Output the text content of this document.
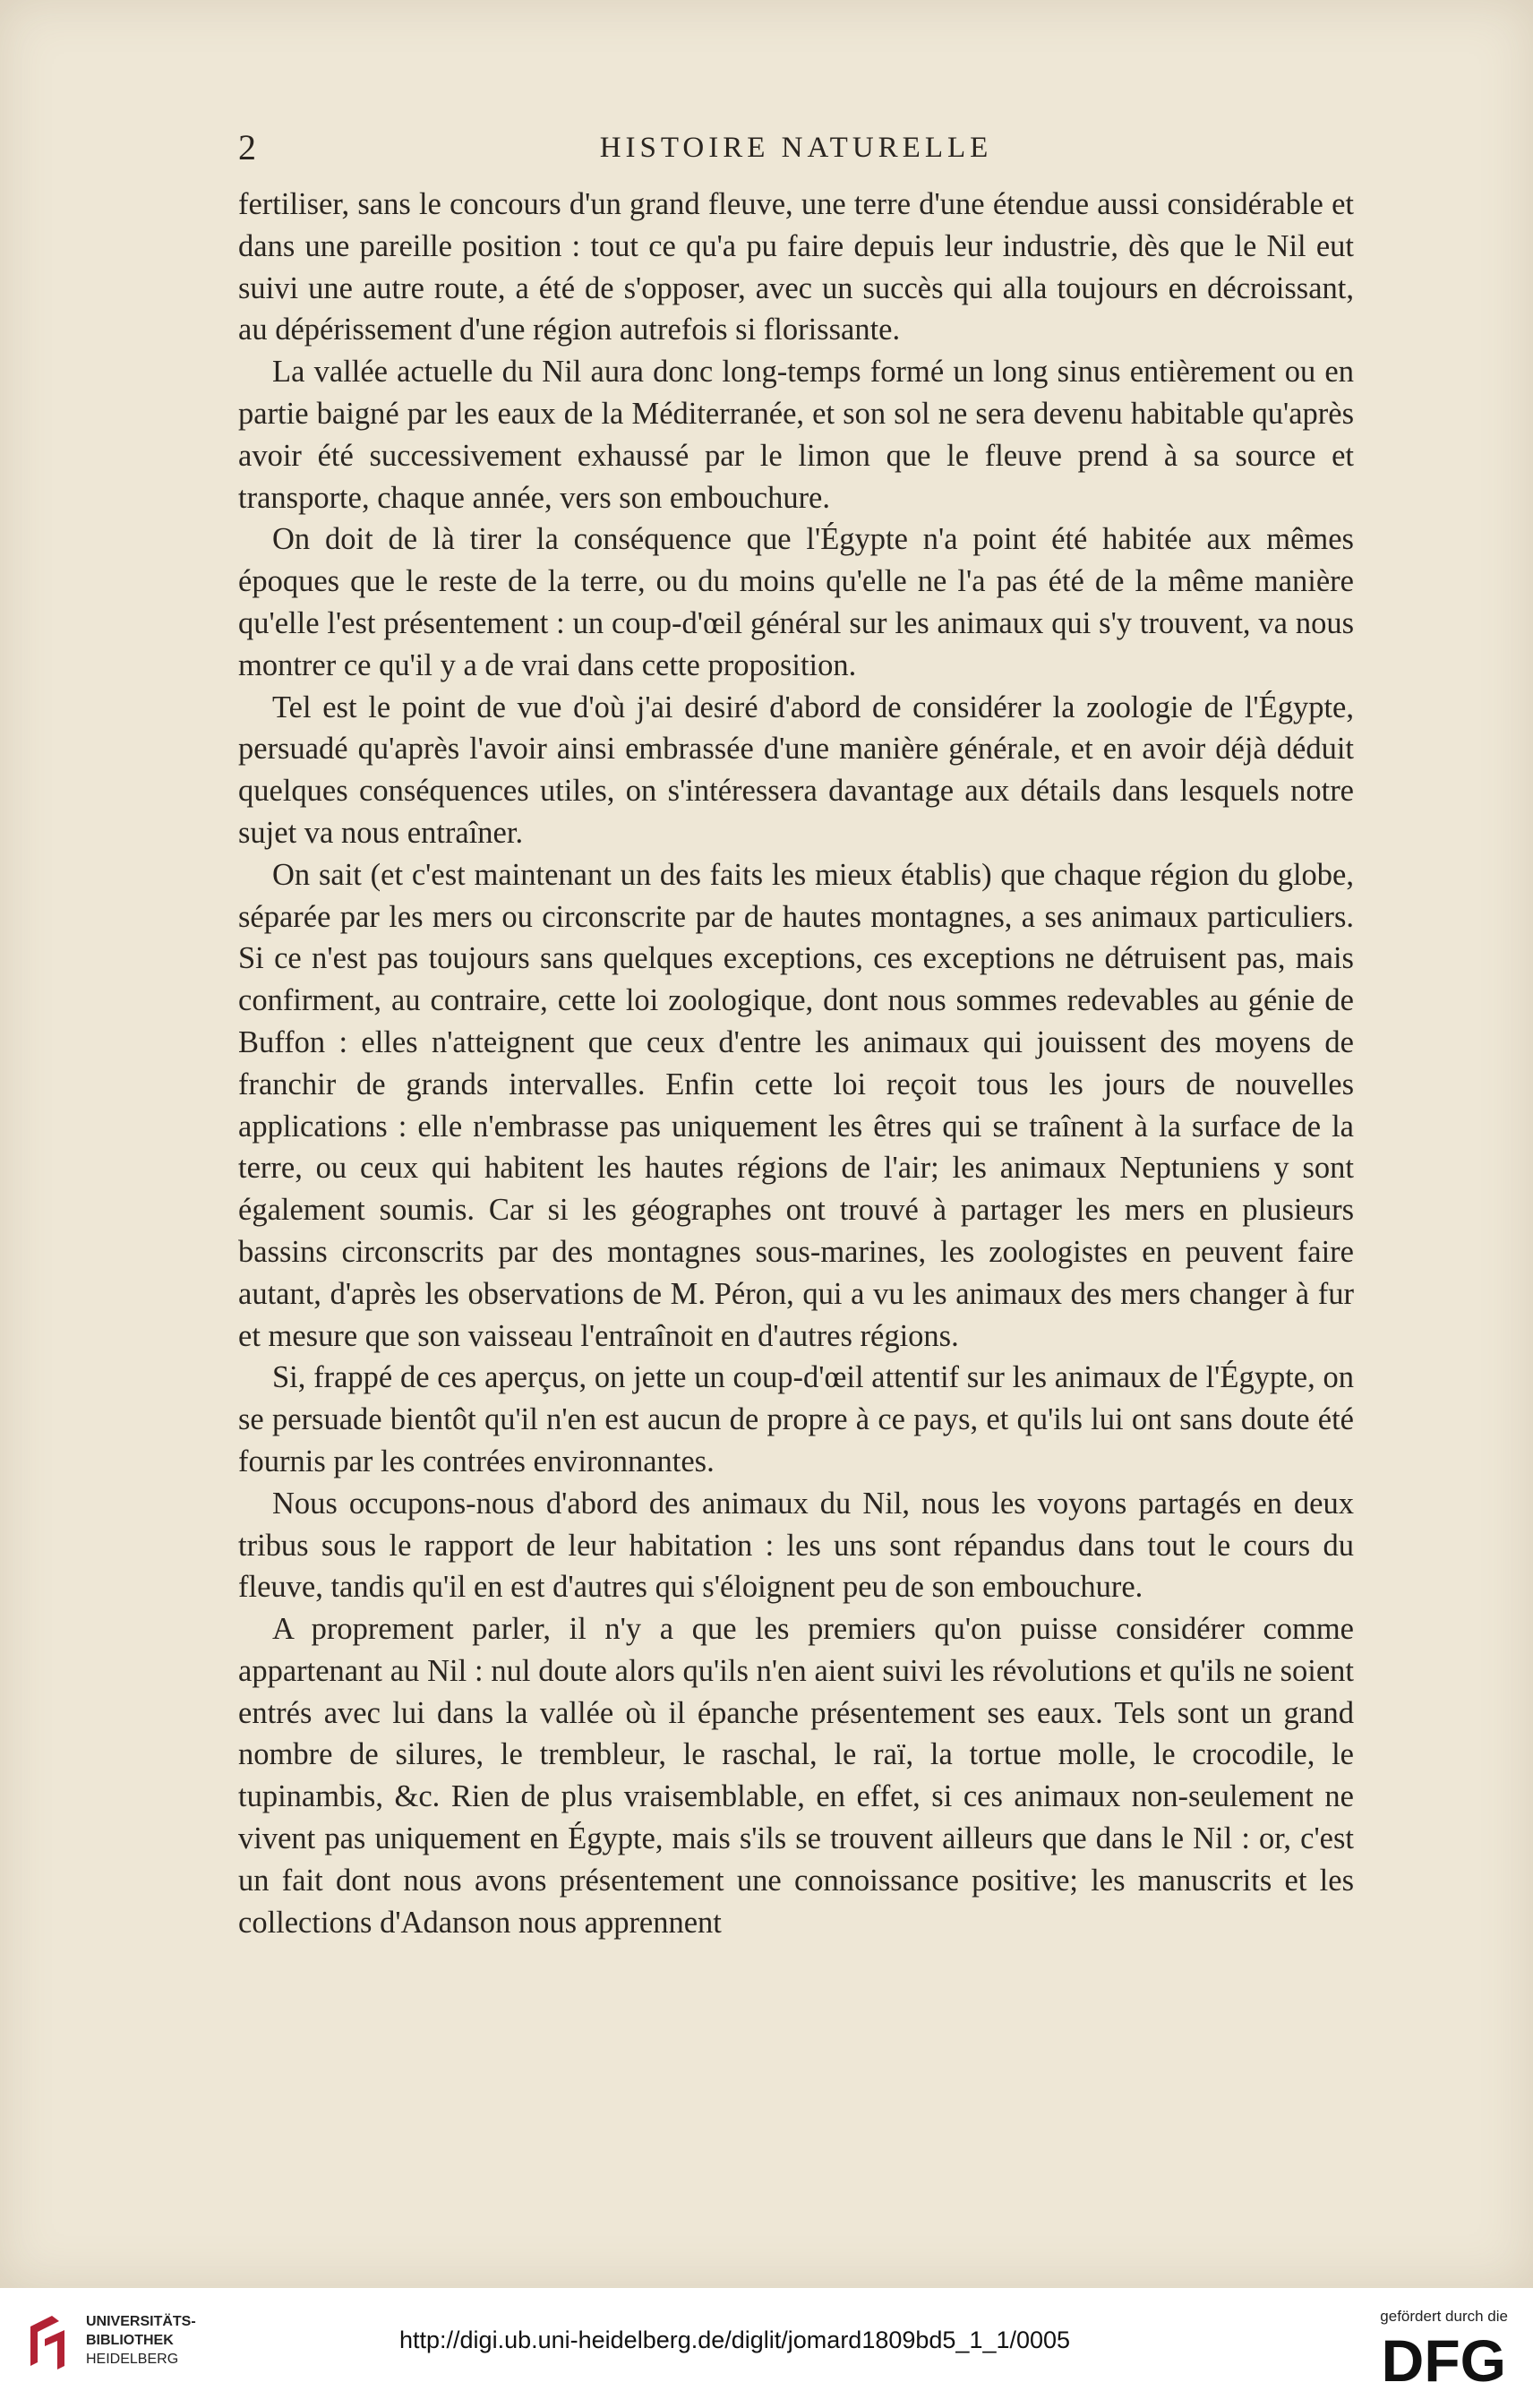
2	HISTOIRE NATURELLE

fertiliser, sans le concours d'un grand fleuve, une terre d'une étendue aussi considérable et dans une pareille position : tout ce qu'a pu faire depuis leur industrie, dès que le Nil eut suivi une autre route, a été de s'opposer, avec un succès qui alla toujours en décroissant, au dépérissement d'une région autrefois si florissante.

La vallée actuelle du Nil aura donc long-temps formé un long sinus entièrement ou en partie baigné par les eaux de la Méditerranée, et son sol ne sera devenu habitable qu'après avoir été successivement exhaussé par le limon que le fleuve prend à sa source et transporte, chaque année, vers son embouchure.

On doit de là tirer la conséquence que l'Égypte n'a point été habitée aux mêmes époques que le reste de la terre, ou du moins qu'elle ne l'a pas été de la même manière qu'elle l'est présentement : un coup-d'œil général sur les animaux qui s'y trouvent, va nous montrer ce qu'il y a de vrai dans cette proposition.

Tel est le point de vue d'où j'ai desiré d'abord de considérer la zoologie de l'Égypte, persuadé qu'après l'avoir ainsi embrassée d'une manière générale, et en avoir déjà déduit quelques conséquences utiles, on s'intéressera davantage aux détails dans lesquels notre sujet va nous entraîner.

On sait (et c'est maintenant un des faits les mieux établis) que chaque région du globe, séparée par les mers ou circonscrite par de hautes montagnes, a ses animaux particuliers. Si ce n'est pas toujours sans quelques exceptions, ces exceptions ne détruisent pas, mais confirment, au contraire, cette loi zoologique, dont nous sommes redevables au génie de Buffon : elles n'atteignent que ceux d'entre les animaux qui jouissent des moyens de franchir de grands intervalles. Enfin cette loi reçoit tous les jours de nouvelles applications : elle n'embrasse pas uniquement les êtres qui se traînent à la surface de la terre, ou ceux qui habitent les hautes régions de l'air; les animaux Neptuniens y sont également soumis. Car si les géographes ont trouvé à partager les mers en plusieurs bassins circonscrits par des montagnes sous-marines, les zoologistes en peuvent faire autant, d'après les observations de M. Péron, qui a vu les animaux des mers changer à fur et mesure que son vaisseau l'entraînoit en d'autres régions.

Si, frappé de ces aperçus, on jette un coup-d'œil attentif sur les animaux de l'Égypte, on se persuade bientôt qu'il n'en est aucun de propre à ce pays, et qu'ils lui ont sans doute été fournis par les contrées environnantes.

Nous occupons-nous d'abord des animaux du Nil, nous les voyons partagés en deux tribus sous le rapport de leur habitation : les uns sont répandus dans tout le cours du fleuve, tandis qu'il en est d'autres qui s'éloignent peu de son embouchure.

A proprement parler, il n'y a que les premiers qu'on puisse considérer comme appartenant au Nil : nul doute alors qu'ils n'en aient suivi les révolutions et qu'ils ne soient entrés avec lui dans la vallée où il épanche présentement ses eaux. Tels sont un grand nombre de silures, le trembleur, le raschal, le raï, la tortue molle, le crocodile, le tupinambis, &c. Rien de plus vraisemblable, en effet, si ces animaux non-seulement ne vivent pas uniquement en Égypte, mais s'ils se trouvent ailleurs que dans le Nil : or, c'est un fait dont nous avons présentement une connoissance positive; les manuscrits et les collections d'Adanson nous apprennent

UNIVERSITÄTS-
BIBLIOTHEK
HEIDELBERG
http://digi.ub.uni-heidelberg.de/diglit/jomard1809bd5_1_1/0005
gefördert durch die
DFG
